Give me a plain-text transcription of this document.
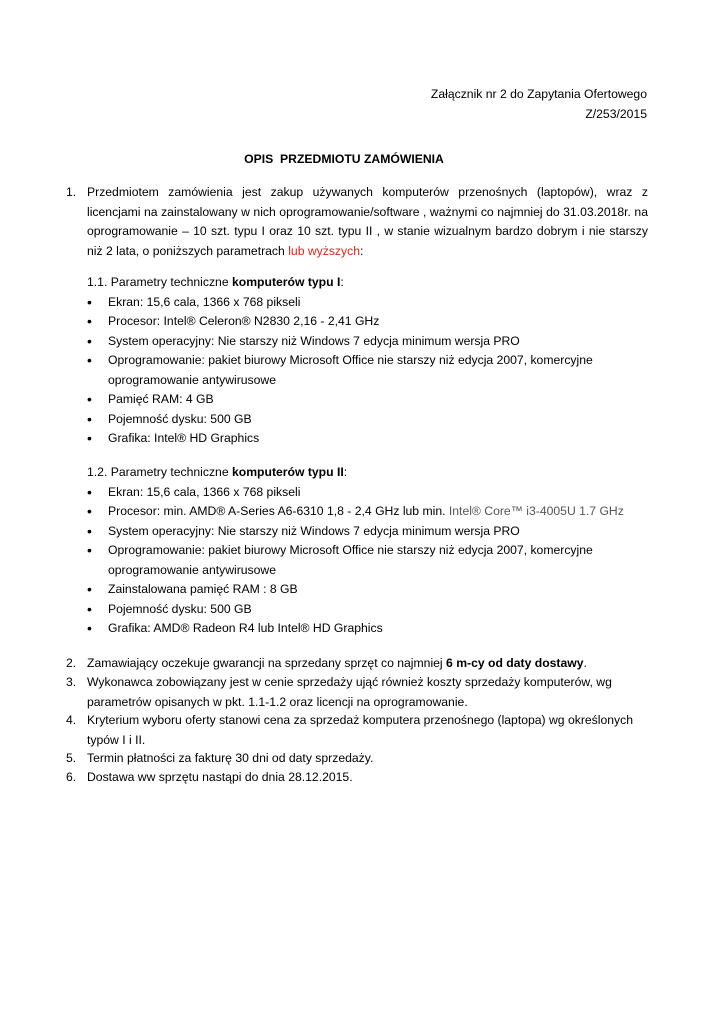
Załącznik nr 2 do Zapytania Ofertowego
Z/253/2015
OPIS  PRZEDMIOTU ZAMÓWIENIA
1. Przedmiotem zamówienia jest zakup używanych komputerów przenośnych (laptopów), wraz z licencjami na zainstalowany w nich oprogramowanie/software , ważnymi co najmniej do 31.03.2018r. na oprogramowanie – 10 szt. typu I oraz 10 szt. typu II , w stanie wizualnym bardzo dobrym i nie starszy niż 2 lata, o poniższych parametrach lub wyższych:
1.1. Parametry techniczne komputerów typu I:
• Ekran: 15,6 cala, 1366 x 768 pikseli
• Procesor: Intel® Celeron® N2830 2,16 - 2,41 GHz
• System operacyjny: Nie starszy niż Windows 7 edycja minimum wersja PRO
• Oprogramowanie: pakiet biurowy Microsoft Office nie starszy niż edycja 2007, komercyjne oprogramowanie antywirusowe
• Pamięć RAM: 4 GB
• Pojemność dysku: 500 GB
• Grafika: Intel® HD Graphics
1.2. Parametry techniczne komputerów typu II:
• Ekran: 15,6 cala, 1366 x 768 pikseli
• Procesor: min. AMD® A-Series A6-6310 1,8 - 2,4 GHz lub min. Intel® Core™ i3-4005U 1.7 GHz
• System operacyjny: Nie starszy niż Windows 7 edycja minimum wersja PRO
• Oprogramowanie: pakiet biurowy Microsoft Office nie starszy niż edycja 2007, komercyjne oprogramowanie antywirusowe
• Zainstalowana pamięć RAM : 8 GB
• Pojemność dysku: 500 GB
• Grafika: AMD® Radeon R4 lub Intel® HD Graphics
2. Zamawiający oczekuje gwarancji na sprzedany sprzęt co najmniej 6 m-cy od daty dostawy.
3. Wykonawca zobowiązany jest w cenie sprzedaży ująć również koszty sprzedaży komputerów, wg parametrów opisanych w pkt. 1.1-1.2 oraz licencji na oprogramowanie.
4. Kryterium wyboru oferty stanowi cena za sprzedaż komputera przenośnego (laptopa) wg określonych typów I i II.
5. Termin płatności za fakturę 30 dni od daty sprzedaży.
6. Dostawa ww sprzętu nastąpi do dnia 28.12.2015.
